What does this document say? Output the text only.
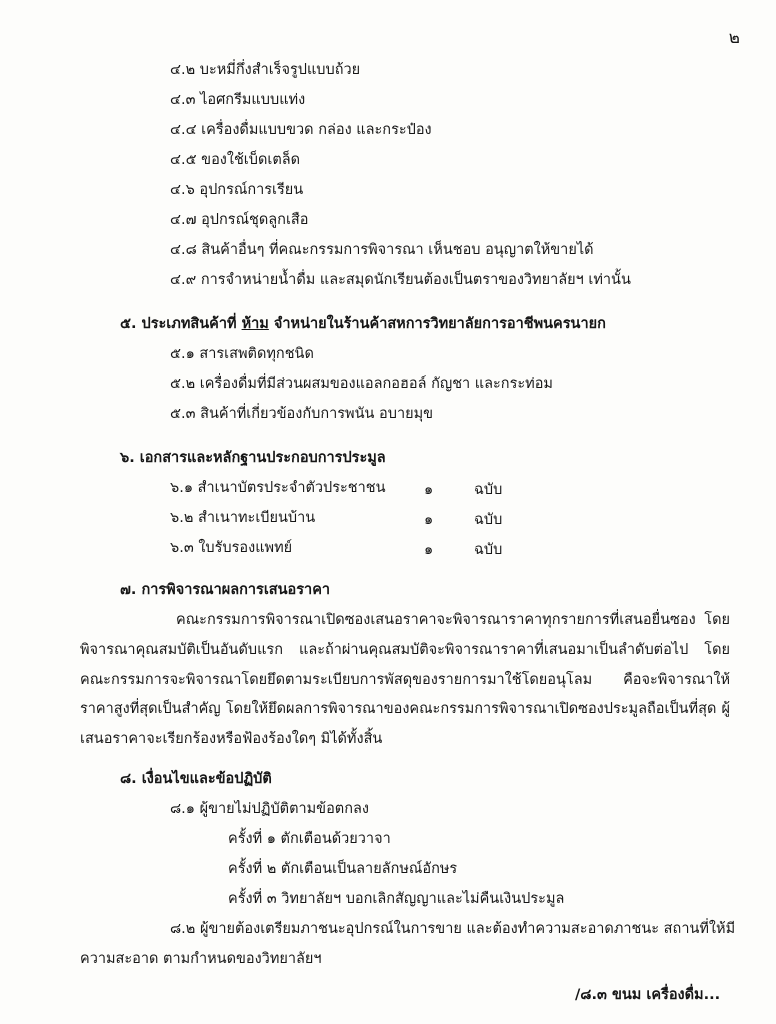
๒
๔.๒ บะหมี่กึ่งสำเร็จรูปแบบถ้วย
๔.๓ ไอศกรีมแบบแท่ง
๔.๔ เครื่องดื่มแบบขวด กล่อง และกระป๋อง
๔.๕ ของใช้เบ็ดเตล็ด
๔.๖ อุปกรณ์การเรียน
๔.๗ อุปกรณ์ชุดลูกเสือ
๔.๘ สินค้าอื่นๆ ที่คณะกรรมการพิจารณา เห็นชอบ อนุญาตให้ขายได้
๔.๙ การจำหน่ายน้ำดื่ม และสมุดนักเรียนต้องเป็นตราของวิทยาลัยฯ เท่านั้น
๕. ประเภทสินค้าที่ ห้าม จำหน่ายในร้านค้าสหการวิทยาลัยการอาชีพนครนายก
๕.๑ สารเสพติดทุกชนิด
๕.๒ เครื่องดื่มที่มีส่วนผสมของแอลกอฮอล์ กัญชา และกระท่อม
๕.๓ สินค้าที่เกี่ยวข้องกับการพนัน อบายมุข
๖. เอกสารและหลักฐานประกอบการประมูล
๖.๑ สำเนาบัตรประจำตัวประชาชน	๑	ฉบับ
๖.๒ สำเนาทะเบียนบ้าน	๑	ฉบับ
๖.๓ ใบรับรองแพทย์	๑	ฉบับ
๗. การพิจารณาผลการเสนอราคา
คณะกรรมการพิจารณาเปิดซองเสนอราคาจะพิจารณาราคาทุกรายการที่เสนอยื่นซอง โดยพิจารณาคุณสมบัติเป็นอันดับแรก และถ้าผ่านคุณสมบัติจะพิจารณาราคาที่เสนอมาเป็นลำดับต่อไป โดยคณะกรรมการจะพิจารณาโดยยึดตามระเบียบการพัสดุของรายการมาใช้โดยอนุโลม คือจะพิจารณาให้ราคาสูงที่สุดเป็นสำคัญ โดยให้ยึดผลการพิจารณาของคณะกรรมการพิจารณาเปิดซองประมูลถือเป็นที่สุด ผู้เสนอราคาจะเรียกร้องหรือฟ้องร้องใดๆ มิได้ทั้งสิ้น
๘. เงื่อนไขและข้อปฏิบัติ
๘.๑ ผู้ขายไม่ปฏิบัติตามข้อตกลง
ครั้งที่ ๑ ตักเตือนด้วยวาจา
ครั้งที่ ๒ ตักเตือนเป็นลายลักษณ์อักษร
ครั้งที่ ๓ วิทยาลัยฯ บอกเลิกสัญญาและไม่คืนเงินประมูล
๘.๒ ผู้ขายต้องเตรียมภาชนะอุปกรณ์ในการขาย และต้องทำความสะอาดภาชนะ สถานที่ให้มี
ความสะอาด ตามกำหนดของวิทยาลัยฯ
/๘.๓ ขนม เครื่องดื่ม...
